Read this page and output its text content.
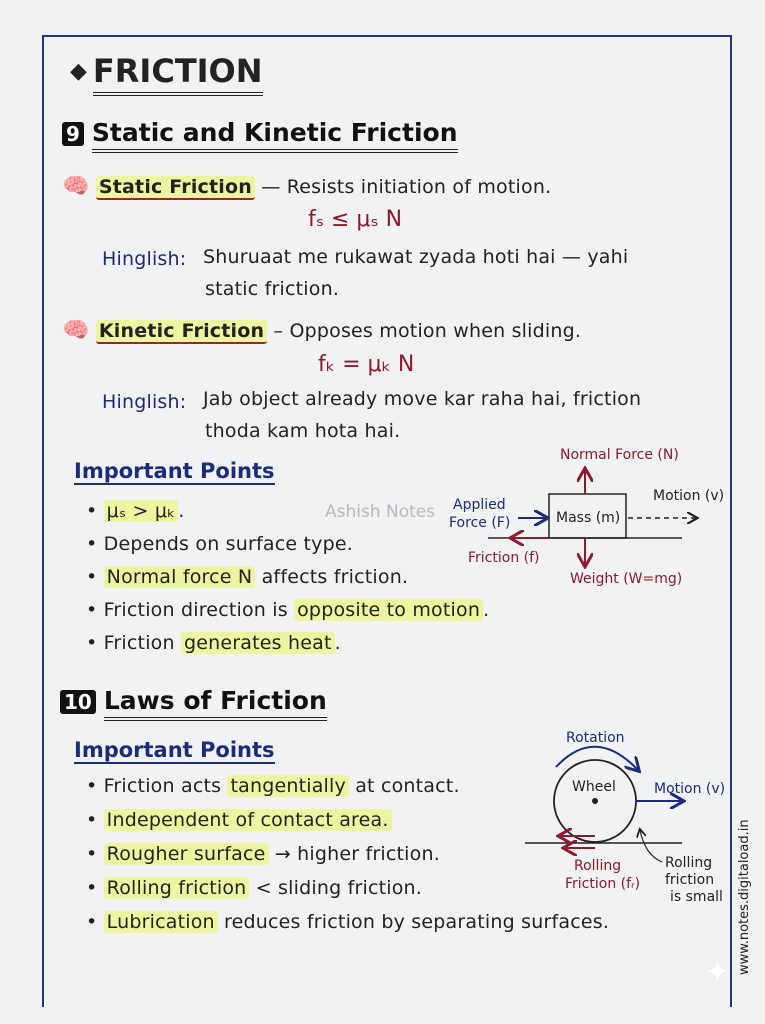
◆ FRICTION
9 Static and Kinetic Friction
🧠 Static Friction — Resists initiation of motion.
fₛ ≤ μₛ N
Hinglish: Shuruaat me rukawat zyada hoti hai — yahi
static friction.
🧠 Kinetic Friction – Opposes motion when sliding.
fₖ = μₖ N
Hinglish: Jab object already move kar raha hai, friction
thoda kam hota hai.
Important Points
• μₛ > μₖ .
• Depends on surface type.
• Normal force N affects friction.
• Friction direction is opposite to motion .
• Friction generates heat .
Ashish Notes
Normal Force (N)
Motion (v)
Applied
Force (F)	Mass (m)
Friction (f)
Weight (W=mg)
10 Laws of Friction
Important Points
• Friction acts tangentially at contact.
• Independent of contact area.
• Rougher surface → higher friction.
• Rolling friction < sliding friction.
• Lubrication reduces friction by separating surfaces.
Rotation
Wheel	Motion (v)
Rolling
Friction (fᵣ)
Rolling
friction
is small www.notes.digitaload.in
✦
